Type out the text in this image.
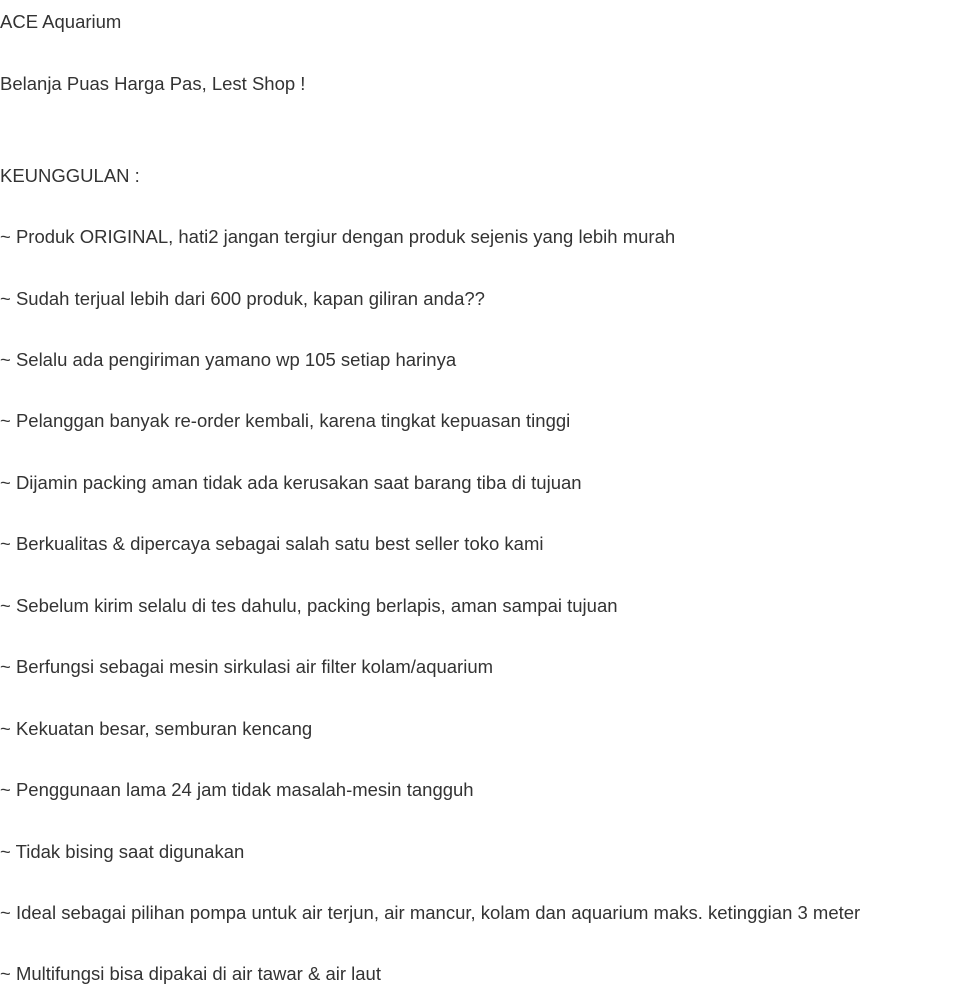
ACE Aquarium

Belanja Puas Harga Pas, Lest Shop !

KEUNGGULAN :

~ Produk ORIGINAL, hati2 jangan tergiur dengan produk sejenis yang lebih murah

~ Sudah terjual lebih dari 600 produk, kapan giliran anda??

~ Selalu ada pengiriman yamano wp 105 setiap harinya

~ Pelanggan banyak re-order kembali, karena tingkat kepuasan tinggi

~ Dijamin packing aman tidak ada kerusakan saat barang tiba di tujuan

~ Berkualitas & dipercaya sebagai salah satu best seller toko kami

~ Sebelum kirim selalu di tes dahulu, packing berlapis, aman sampai tujuan

~ Berfungsi sebagai mesin sirkulasi air filter kolam/aquarium

~ Kekuatan besar, semburan kencang

~ Penggunaan lama 24 jam tidak masalah-mesin tangguh

~ Tidak bising saat digunakan

~ Ideal sebagai pilihan pompa untuk air terjun, air mancur, kolam dan aquarium maks. ketinggian 3 meter

~ Multifungsi bisa dipakai di air tawar & air laut
